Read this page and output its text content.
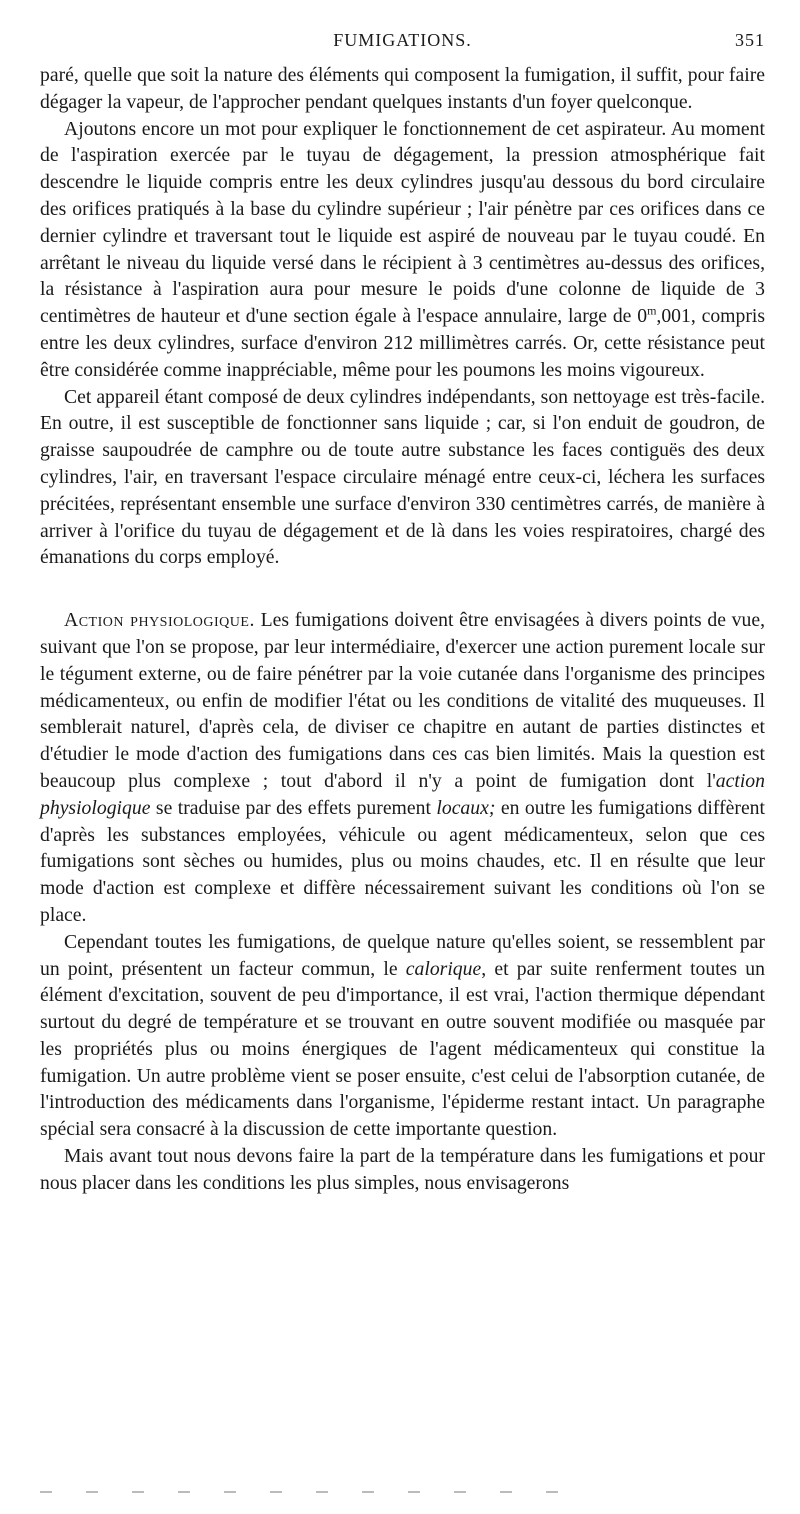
FUMIGATIONS.	351

paré, quelle que soit la nature des éléments qui composent la fumigation, il suffit, pour faire dégager la vapeur, de l'approcher pendant quelques instants d'un foyer quelconque.

Ajoutons encore un mot pour expliquer le fonctionnement de cet aspirateur. Au moment de l'aspiration exercée par le tuyau de dégagement, la pression atmosphérique fait descendre le liquide compris entre les deux cylindres jusqu'au dessous du bord circulaire des orifices pratiqués à la base du cylindre supérieur ; l'air pénètre par ces orifices dans ce dernier cylindre et traversant tout le liquide est aspiré de nouveau par le tuyau coudé. En arrêtant le niveau du liquide versé dans le récipient à 3 centimètres au-dessus des orifices, la résistance à l'aspiration aura pour mesure le poids d'une colonne de liquide de 3 centimètres de hauteur et d'une section égale à l'espace annulaire, large de 0$^m$,001, compris entre les deux cylindres, surface d'environ 212 millimètres carrés. Or, cette résistance peut être considérée comme inappréciable, même pour les poumons les moins vigoureux.

Cet appareil étant composé de deux cylindres indépendants, son nettoyage est très-facile. En outre, il est susceptible de fonctionner sans liquide ; car, si l'on enduit de goudron, de graisse saupoudrée de camphre ou de toute autre substance les faces contiguës des deux cylindres, l'air, en traversant l'espace circulaire ménagé entre ceux-ci, léchera les surfaces précitées, représentant ensemble une surface d'environ 330 centimètres carrés, de manière à arriver à l'orifice du tuyau de dégagement et de là dans les voies respiratoires, chargé des émanations du corps employé.

Action physiologique. Les fumigations doivent être envisagées à divers points de vue, suivant que l'on se propose, par leur intermédiaire, d'exercer une action purement locale sur le tégument externe, ou de faire pénétrer par la voie cutanée dans l'organisme des principes médicamenteux, ou enfin de modifier l'état ou les conditions de vitalité des muqueuses. Il semblerait naturel, d'après cela, de diviser ce chapitre en autant de parties distinctes et d'étudier le mode d'action des fumigations dans ces cas bien limités. Mais la question est beaucoup plus complexe ; tout d'abord il n'y a point de fumigation dont l'action physiologique se traduise par des effets purement locaux; en outre les fumigations diffèrent d'après les substances employées, véhicule ou agent médicamenteux, selon que ces fumigations sont sèches ou humides, plus ou moins chaudes, etc. Il en résulte que leur mode d'action est complexe et diffère nécessairement suivant les conditions où l'on se place.

Cependant toutes les fumigations, de quelque nature qu'elles soient, se ressemblent par un point, présentent un facteur commun, le calorique, et par suite renferment toutes un élément d'excitation, souvent de peu d'importance, il est vrai, l'action thermique dépendant surtout du degré de température et se trouvant en outre souvent modifiée ou masquée par les propriétés plus ou moins énergiques de l'agent médicamenteux qui constitue la fumigation. Un autre problème vient se poser ensuite, c'est celui de l'absorption cutanée, de l'introduction des médicaments dans l'organisme, l'épiderme restant intact. Un paragraphe spécial sera consacré à la discussion de cette importante question.

Mais avant tout nous devons faire la part de la température dans les fumigations et pour nous placer dans les conditions les plus simples, nous envisagerons
